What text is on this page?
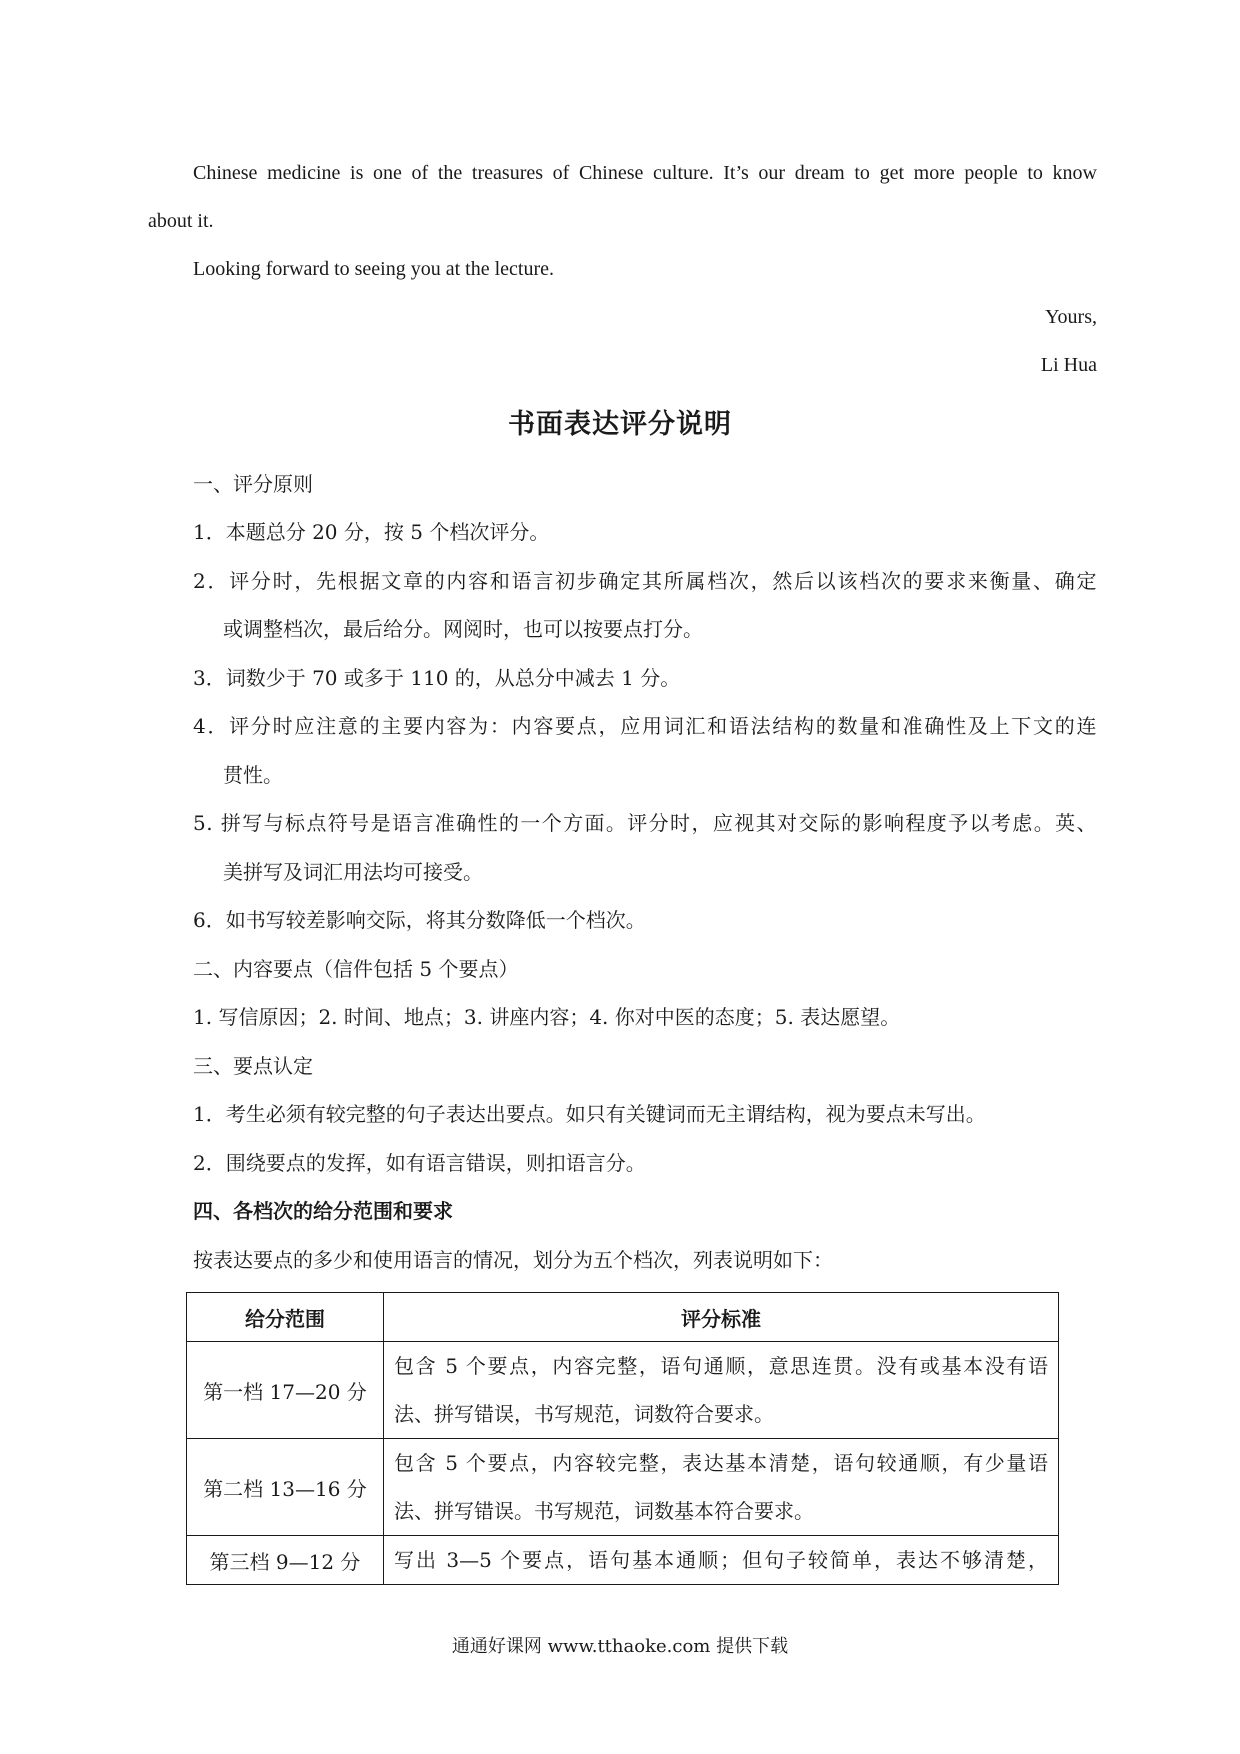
Chinese medicine is one of the treasures of Chinese culture. It’s our dream to get more people to know
about it.
Looking forward to seeing you at the lecture.
Yours,
Li Hua
书面表达评分说明
一、评分原则
1．本题总分 20 分，按 5 个档次评分。
2．评分时，先根据文章的内容和语言初步确定其所属档次，然后以该档次的要求来衡量、确定
或调整档次，最后给分。网阅时，也可以按要点打分。
3．词数少于 70 或多于 110 的，从总分中减去 1 分。
4．评分时应注意的主要内容为：内容要点，应用词汇和语法结构的数量和准确性及上下文的连
贯性。
5. 拼写与标点符号是语言准确性的一个方面。评分时，应视其对交际的影响程度予以考虑。英、
美拼写及词汇用法均可接受。
6．如书写较差影响交际，将其分数降低一个档次。
二、内容要点（信件包括 5 个要点）
1. 写信原因；2. 时间、地点；3. 讲座内容；4. 你对中医的态度；5. 表达愿望。
三、要点认定
1．考生必须有较完整的句子表达出要点。如只有关键词而无主谓结构，视为要点未写出。
2．围绕要点的发挥，如有语言错误，则扣语言分。
四、各档次的给分范围和要求
按表达要点的多少和使用语言的情况，划分为五个档次，列表说明如下：
给分范围	评分标准
第一档 17—20 分	包含 5 个要点，内容完整，语句通顺，意思连贯。没有或基本没有语
法、拼写错误，书写规范，词数符合要求。

第二档 13—16 分	包含 5 个要点，内容较完整，表达基本清楚，语句较通顺，有少量语
法、拼写错误。书写规范，词数基本符合要求。

第三档 9—12 分	写出 3—5 个要点，语句基本通顺；但句子较简单，表达不够清楚，
通通好课网 www.tthaoke.com 提供下载
